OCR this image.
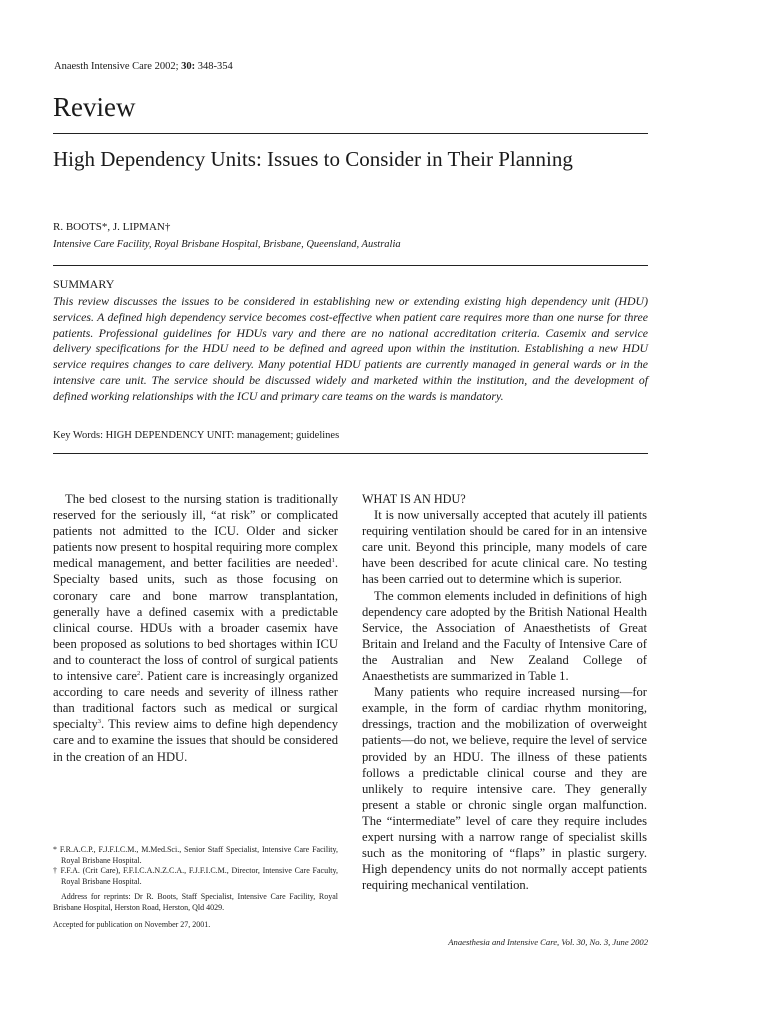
Anaesth Intensive Care 2002; 30: 348-354
Review
High Dependency Units: Issues to Consider in Their Planning
R. BOOTS*, J. LIPMAN†
Intensive Care Facility, Royal Brisbane Hospital, Brisbane, Queensland, Australia
SUMMARY
This review discusses the issues to be considered in establishing new or extending existing high dependency unit (HDU) services. A defined high dependency service becomes cost-effective when patient care requires more than one nurse for three patients. Professional guidelines for HDUs vary and there are no national accreditation criteria. Casemix and service delivery specifications for the HDU need to be defined and agreed upon within the institution. Establishing a new HDU service requires changes to care delivery. Many potential HDU patients are currently managed in general wards or in the intensive care unit. The service should be discussed widely and marketed within the institution, and the development of defined working relationships with the ICU and primary care teams on the wards is mandatory.
Key Words: HIGH DEPENDENCY UNIT: management; guidelines

The bed closest to the nursing station is traditionally reserved for the seriously ill, “at risk” or complicated patients not admitted to the ICU. Older and sicker patients now present to hospital requiring more complex medical management, and better facilities are needed$^1$. Specialty based units, such as those focusing on coronary care and bone marrow transplantation, generally have a defined casemix with a predictable clinical course. HDUs with a broader casemix have been proposed as solutions to bed shortages within ICU and to counteract the loss of control of surgical patients to intensive care$^2$. Patient care is increasingly organized according to care needs and severity of illness rather than traditional factors such as medical or surgical specialty$^3$. This review aims to define high dependency care and to examine the issues that should be considered in the creation of an HDU.

* F.R.A.C.P., F.J.F.I.C.M., M.Med.Sci., Senior Staff Specialist, Intensive Care Facility, Royal Brisbane Hospital.

† F.F.A. (Crit Care), F.F.I.C.A.N.Z.C.A., F.J.F.I.C.M., Director, Intensive Care Faculty, Royal Brisbane Hospital.

Address for reprints: Dr R. Boots, Staff Specialist, Intensive Care Facility, Royal Brisbane Hospital, Herston Road, Herston, Qld 4029.

Accepted for publication on November 27, 2001.

WHAT IS AN HDU?

It is now universally accepted that acutely ill patients requiring ventilation should be cared for in an intensive care unit. Beyond this principle, many models of care have been described for acute clinical care. No testing has been carried out to determine which is superior.

The common elements included in definitions of high dependency care adopted by the British National Health Service, the Association of Anaesthetists of Great Britain and Ireland and the Faculty of Intensive Care of the Australian and New Zealand College of Anaesthetists are summarized in Table 1.

Many patients who require increased nursing—for example, in the form of cardiac rhythm monitoring, dressings, traction and the mobilization of overweight patients—do not, we believe, require the level of service provided by an HDU. The illness of these patients follows a predictable clinical course and they are unlikely to require intensive care. They generally present a stable or chronic single organ malfunction. The “intermediate” level of care they require includes expert nursing with a narrow range of specialist skills such as the monitoring of “flaps” in plastic surgery. High dependency units do not normally accept patients requiring mechanical ventilation.

Anaesthesia and Intensive Care, Vol. 30, No. 3, June 2002
